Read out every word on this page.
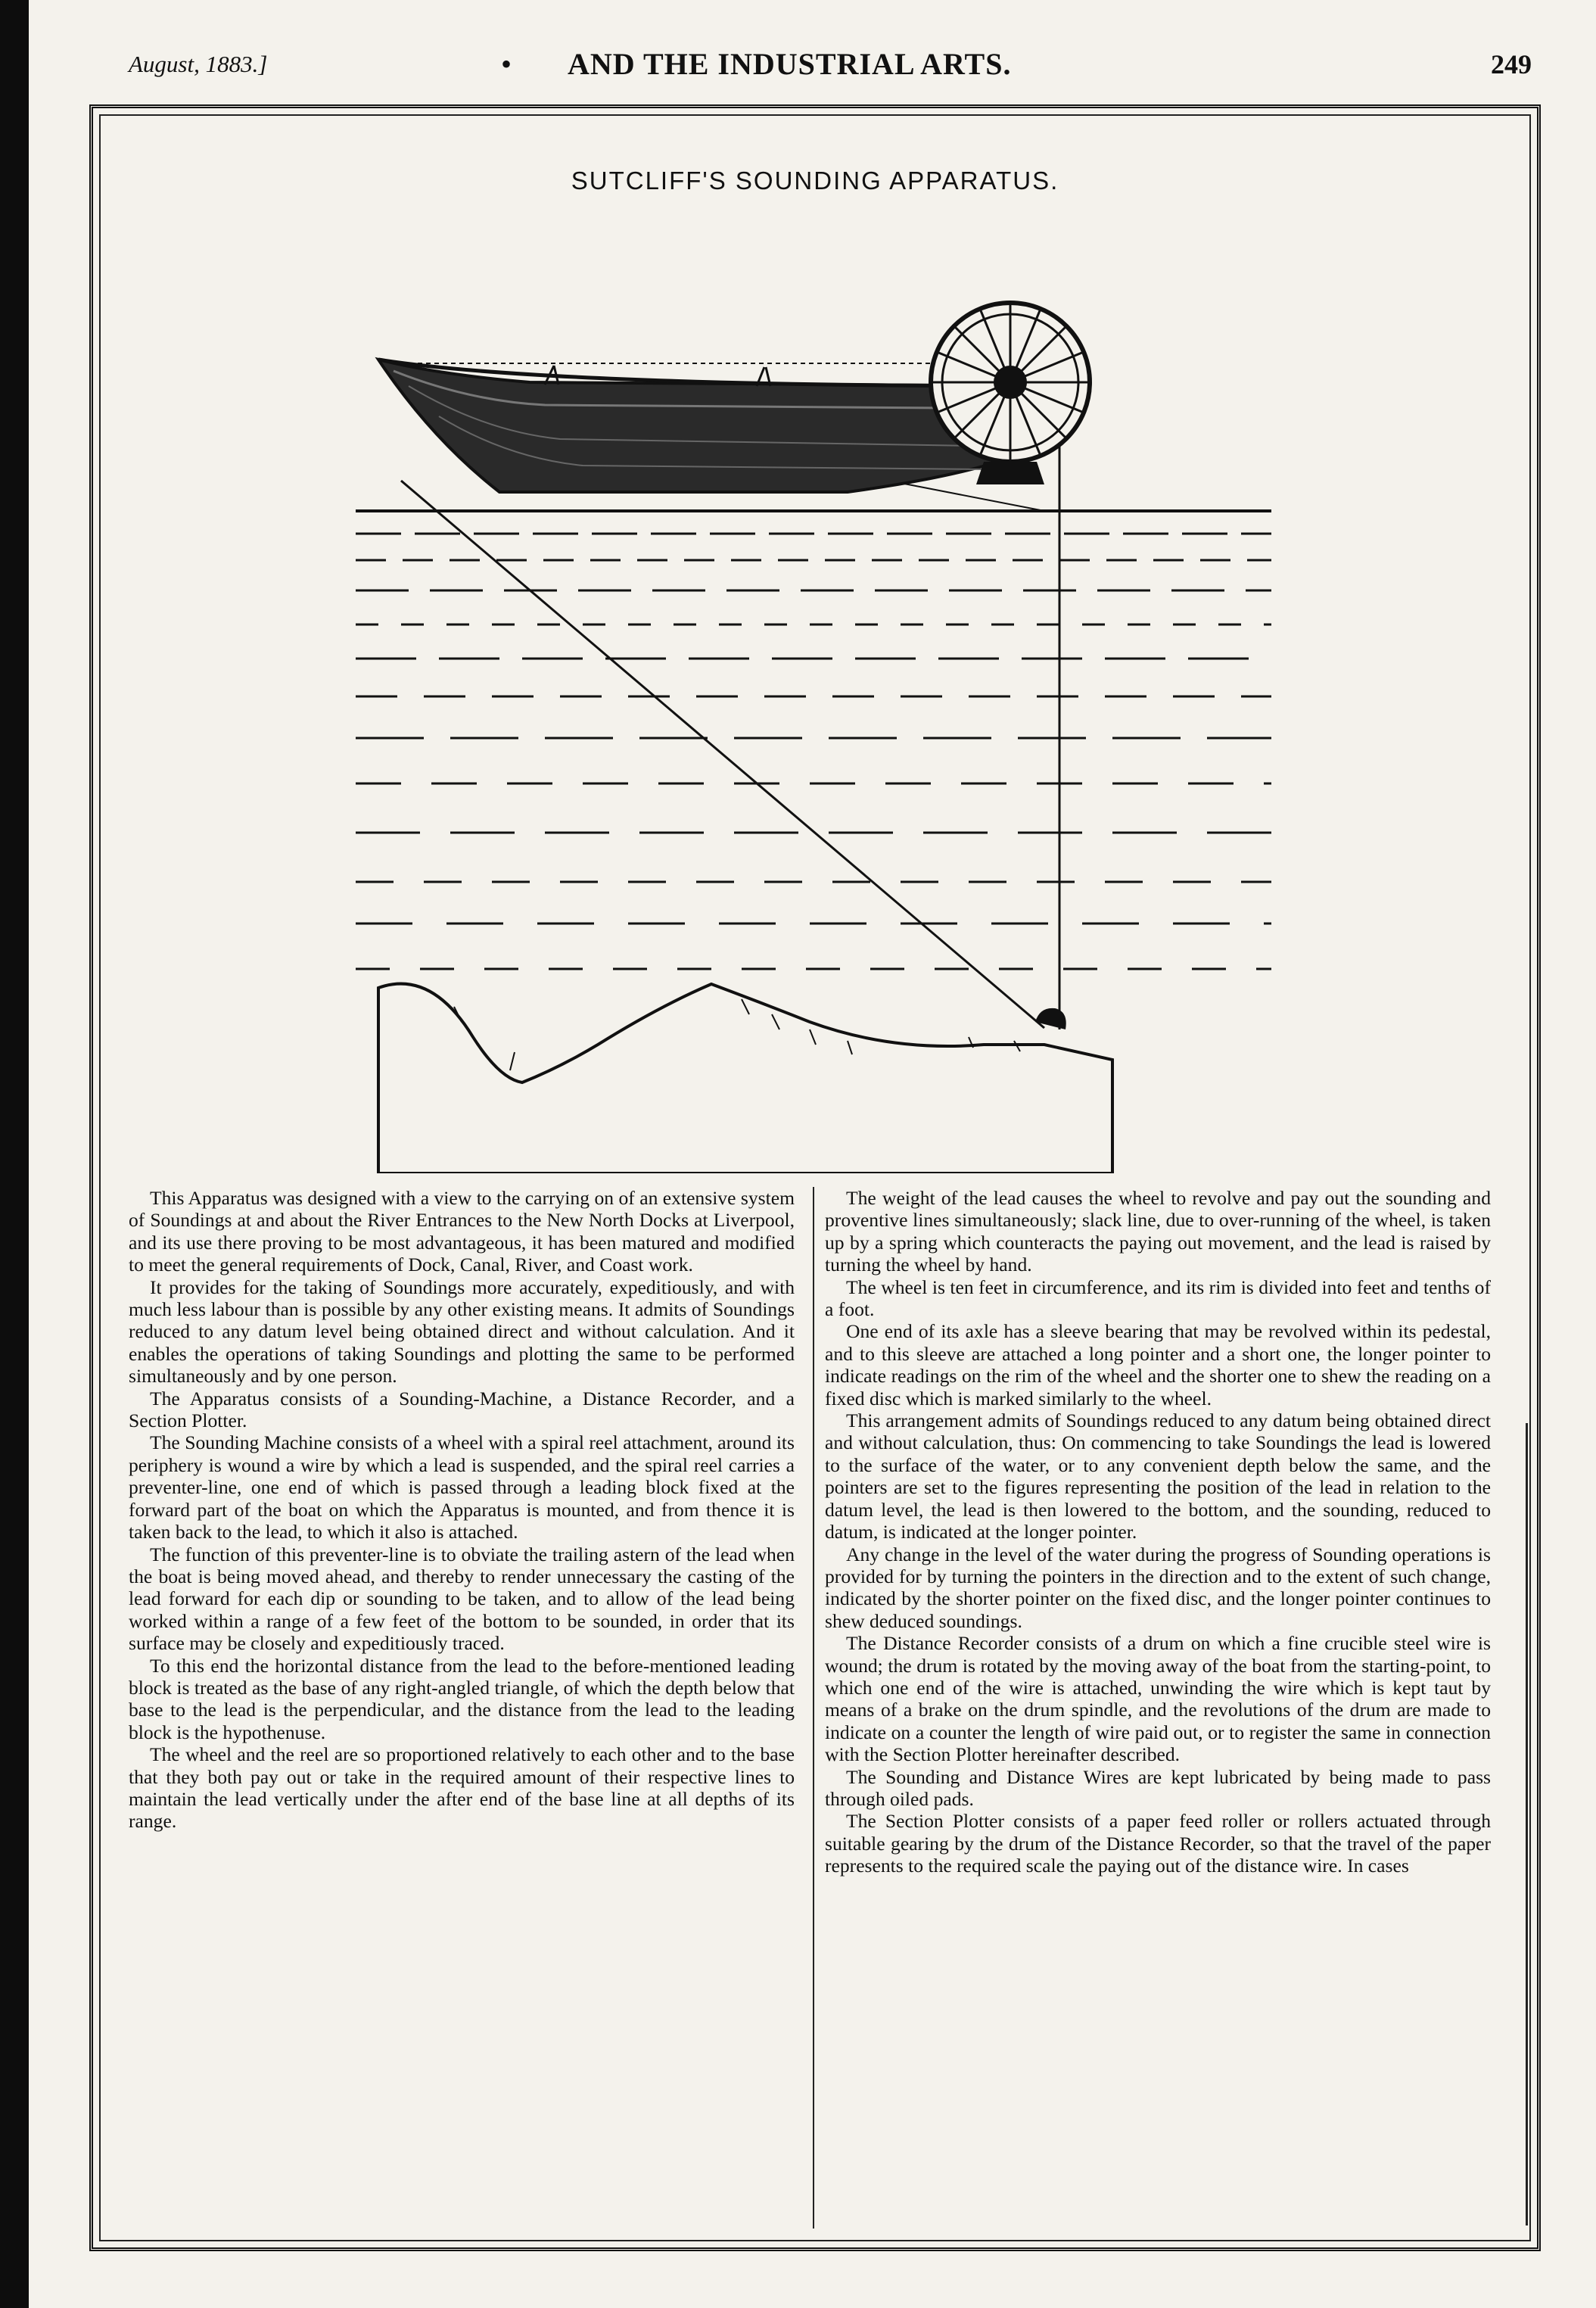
August, 1883.]	• AND THE INDUSTRIAL ARTS.	249
SUTCLIFF'S SOUNDING APPARATUS.

This Apparatus was designed with a view to the carrying on of an extensive system of Soundings at and about the River Entrances to the New North Docks at Liverpool, and its use there proving to be most advantageous, it has been matured and modified to meet the general requirements of Dock, Canal, River, and Coast work.

It provides for the taking of Soundings more accurately, expeditiously, and with much less labour than is possible by any other existing means. It admits of Soundings reduced to any datum level being obtained direct and without calculation. And it enables the operations of taking Soundings and plotting the same to be performed simultaneously and by one person.

The Apparatus consists of a Sounding-Machine, a Distance Recorder, and a Section Plotter.

The Sounding Machine consists of a wheel with a spiral reel attachment, around its periphery is wound a wire by which a lead is suspended, and the spiral reel carries a preventer-line, one end of which is passed through a leading block fixed at the forward part of the boat on which the Apparatus is mounted, and from thence it is taken back to the lead, to which it also is attached.

The function of this preventer-line is to obviate the trailing astern of the lead when the boat is being moved ahead, and thereby to render unnecessary the casting of the lead forward for each dip or sounding to be taken, and to allow of the lead being worked within a range of a few feet of the bottom to be sounded, in order that its surface may be closely and expeditiously traced.

To this end the horizontal distance from the lead to the before-mentioned leading block is treated as the base of any right-angled triangle, of which the depth below that base to the lead is the perpendicular, and the distance from the lead to the leading block is the hypothenuse.

The wheel and the reel are so proportioned relatively to each other and to the base that they both pay out or take in the required amount of their respective lines to maintain the lead vertically under the after end of the base line at all depths of its range.

The weight of the lead causes the wheel to revolve and pay out the sounding and proventive lines simultaneously; slack line, due to over-running of the wheel, is taken up by a spring which counteracts the paying out movement, and the lead is raised by turning the wheel by hand.

The wheel is ten feet in circumference, and its rim is divided into feet and tenths of a foot.

One end of its axle has a sleeve bearing that may be revolved within its pedestal, and to this sleeve are attached a long pointer and a short one, the longer pointer to indicate readings on the rim of the wheel and the shorter one to shew the reading on a fixed disc which is marked similarly to the wheel.

This arrangement admits of Soundings reduced to any datum being obtained direct and without calculation, thus: On commencing to take Soundings the lead is lowered to the surface of the water, or to any convenient depth below the same, and the pointers are set to the figures representing the position of the lead in relation to the datum level, the lead is then lowered to the bottom, and the sounding, reduced to datum, is indicated at the longer pointer.

Any change in the level of the water during the progress of Sounding operations is provided for by turning the pointers in the direction and to the extent of such change, indicated by the shorter pointer on the fixed disc, and the longer pointer continues to shew deduced soundings.

The Distance Recorder consists of a drum on which a fine crucible steel wire is wound; the drum is rotated by the moving away of the boat from the starting-point, to which one end of the wire is attached, unwinding the wire which is kept taut by means of a brake on the drum spindle, and the revolutions of the drum are made to indicate on a counter the length of wire paid out, or to register the same in connection with the Section Plotter hereinafter described.

The Sounding and Distance Wires are kept lubricated by being made to pass through oiled pads.

The Section Plotter consists of a paper feed roller or rollers actuated through suitable gearing by the drum of the Distance Recorder, so that the travel of the paper represents to the required scale the paying out of the distance wire. In cases
